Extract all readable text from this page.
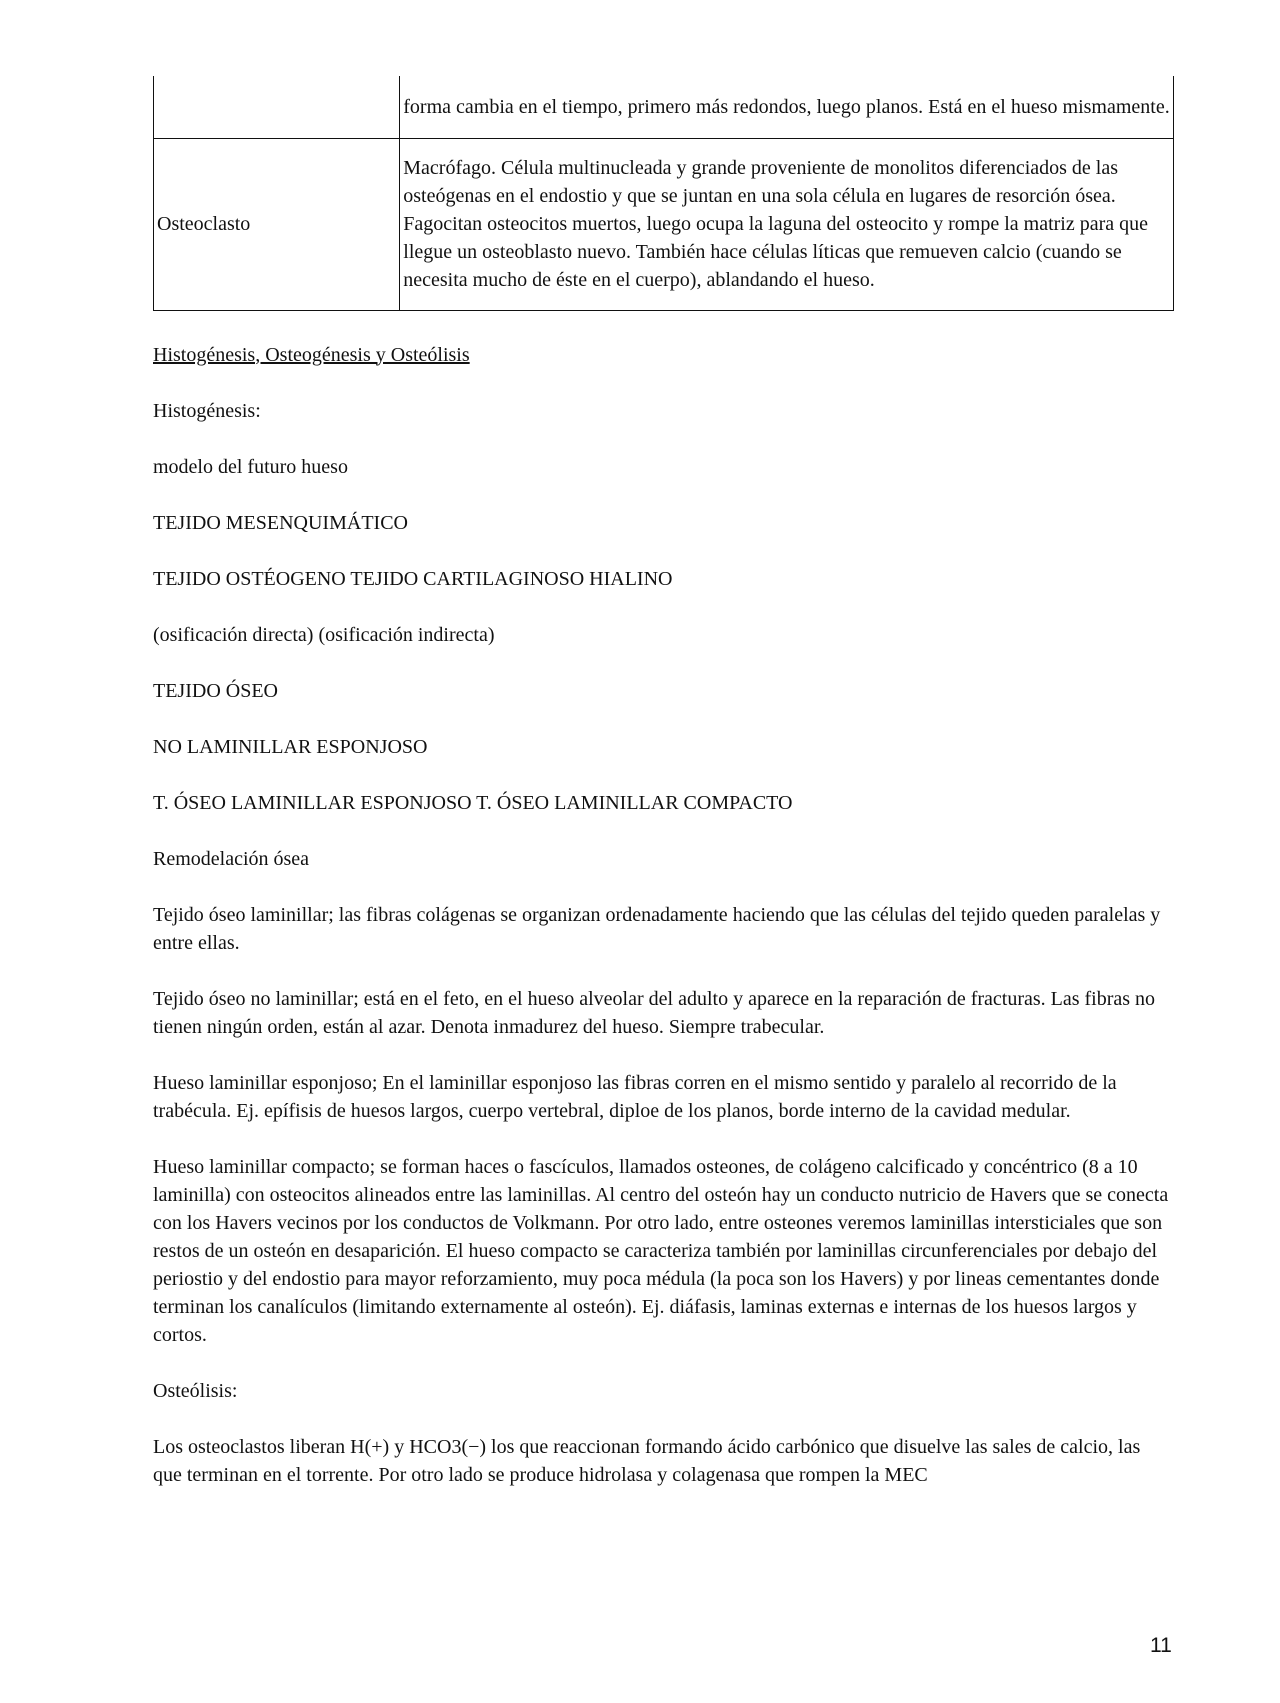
	forma cambia en el tiempo, primero más redondos, luego planos. Está en el hueso mismamente.
Osteoclasto	Macrófago. Célula multinucleada y grande proveniente de monolitos diferenciados de las osteógenas en el endostio y que se juntan en una sola célula en lugares de resorción ósea. Fagocitan osteocitos muertos, luego ocupa la laguna del osteocito y rompe la matriz para que llegue un osteoblasto nuevo. También hace células líticas que remueven calcio (cuando se necesita mucho de éste en el cuerpo), ablandando el hueso.
Histogénesis, Osteogénesis y Osteólisis

Histogénesis:

modelo del futuro hueso

TEJIDO MESENQUIMÁTICO

TEJIDO OSTÉOGENO TEJIDO CARTILAGINOSO HIALINO

(osificación directa) (osificación indirecta)

TEJIDO ÓSEO

NO LAMINILLAR ESPONJOSO

T. ÓSEO LAMINILLAR ESPONJOSO T. ÓSEO LAMINILLAR COMPACTO

Remodelación ósea

Tejido óseo laminillar; las fibras colágenas se organizan ordenadamente haciendo que las células del tejido queden paralelas y entre ellas.

Tejido óseo no laminillar; está en el feto, en el hueso alveolar del adulto y aparece en la reparación de fracturas. Las fibras no tienen ningún orden, están al azar. Denota inmadurez del hueso. Siempre trabecular.

Hueso laminillar esponjoso; En el laminillar esponjoso las fibras corren en el mismo sentido y paralelo al recorrido de la trabécula. Ej. epífisis de huesos largos, cuerpo vertebral, diploe de los planos, borde interno de la cavidad medular.

Hueso laminillar compacto; se forman haces o fascículos, llamados osteones, de colágeno calcificado y concéntrico (8 a 10 laminilla) con osteocitos alineados entre las laminillas. Al centro del osteón hay un conducto nutricio de Havers que se conecta con los Havers vecinos por los conductos de Volkmann. Por otro lado, entre osteones veremos laminillas intersticiales que son restos de un osteón en desaparición. El hueso compacto se caracteriza también por laminillas circunferenciales por debajo del periostio y del endostio para mayor reforzamiento, muy poca médula (la poca son los Havers) y por lineas cementantes donde terminan los canalículos (limitando externamente al osteón). Ej. diáfasis, laminas externas e internas de los huesos largos y cortos.

Osteólisis:

Los osteoclastos liberan H(+) y HCO3(−) los que reaccionan formando ácido carbónico que disuelve las sales de calcio, las que terminan en el torrente. Por otro lado se produce hidrolasa y colagenasa que rompen la MEC

11
